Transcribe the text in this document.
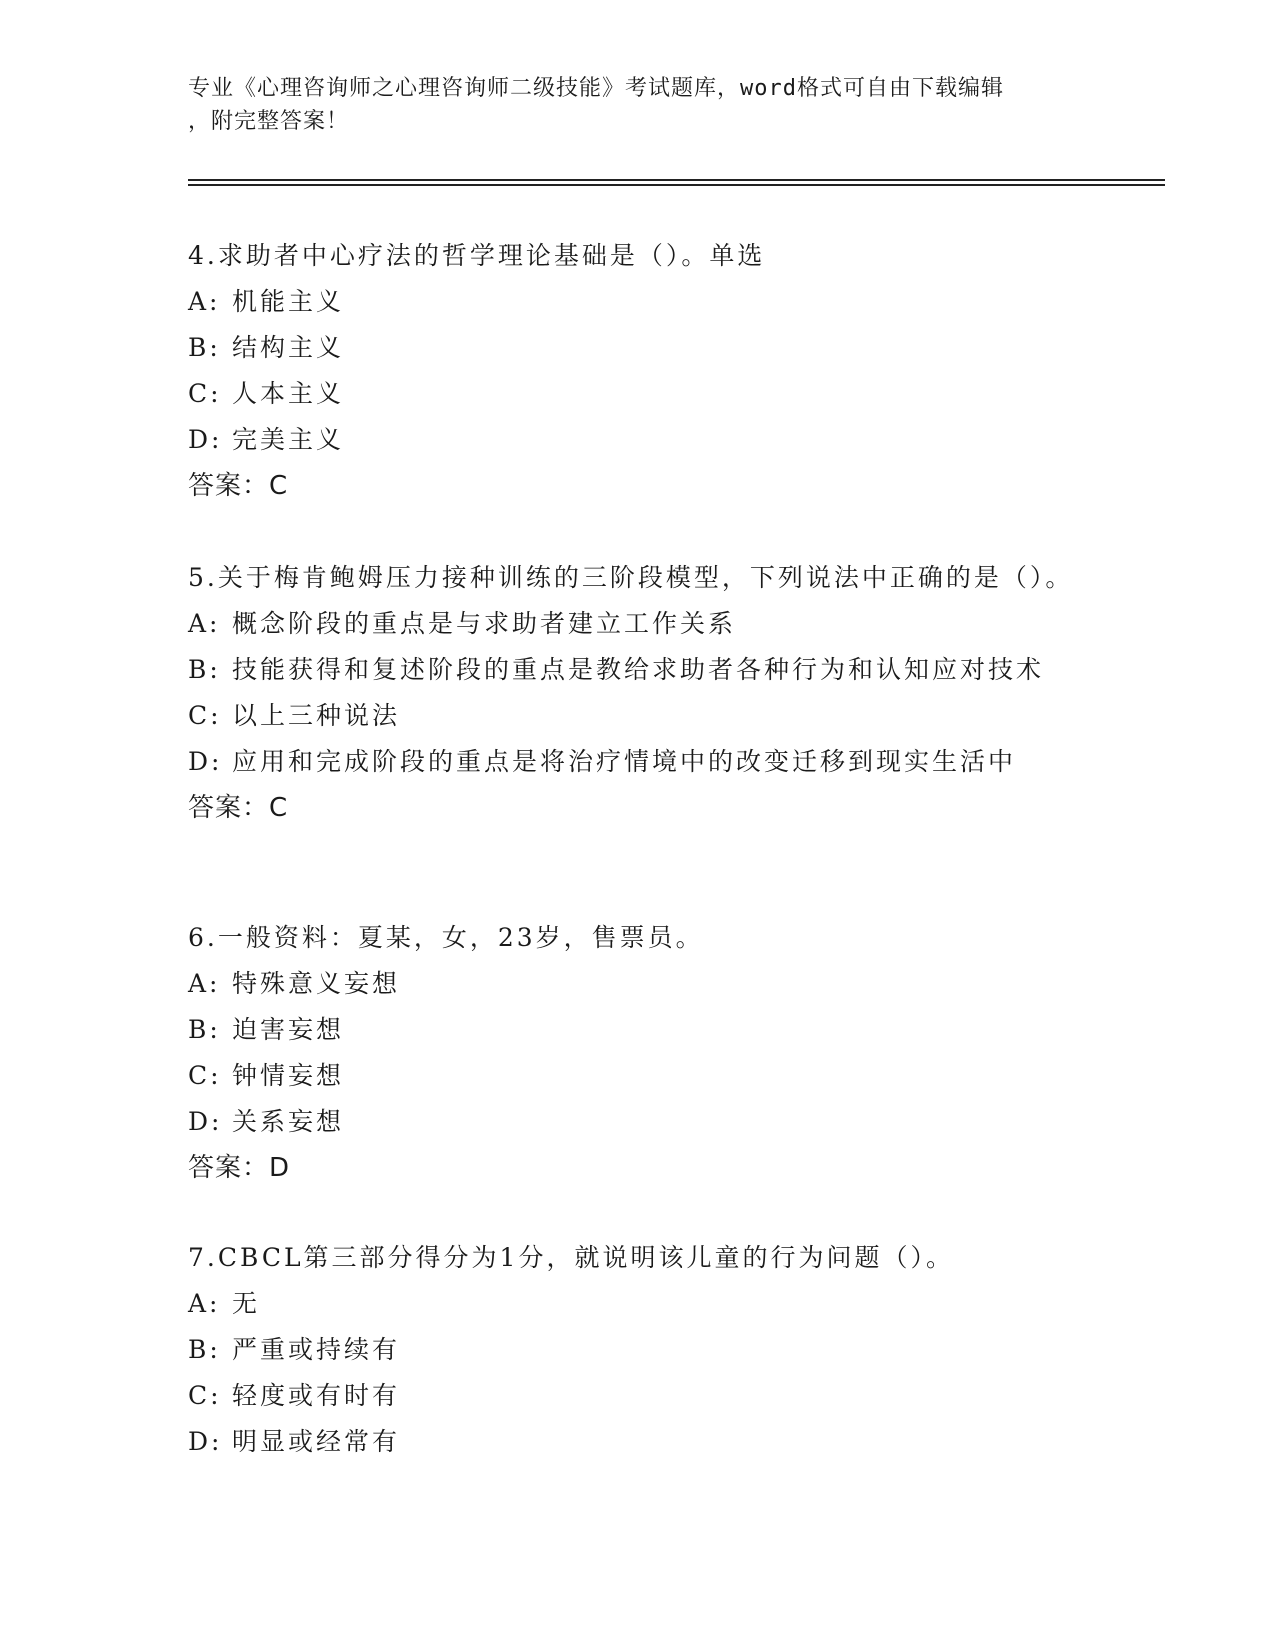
专业《心理咨询师之心理咨询师二级技能》考试题库，word格式可自由下载编辑
，附完整答案！

4.求助者中心疗法的哲学理论基础是（）。单选

A: 机能主义

B: 结构主义

C: 人本主义

D: 完美主义

答案：C

5.关于梅肯鲍姆压力接种训练的三阶段模型，下列说法中正确的是（）。

A: 概念阶段的重点是与求助者建立工作关系

B: 技能获得和复述阶段的重点是教给求助者各种行为和认知应对技术

C: 以上三种说法

D: 应用和完成阶段的重点是将治疗情境中的改变迁移到现实生活中

答案：C

6.一般资料：夏某，女，23岁，售票员。

A: 特殊意义妄想

B: 迫害妄想

C: 钟情妄想

D: 关系妄想

答案：D

7.CBCL第三部分得分为1分，就说明该儿童的行为问题（）。

A: 无

B: 严重或持续有

C: 轻度或有时有

D: 明显或经常有
